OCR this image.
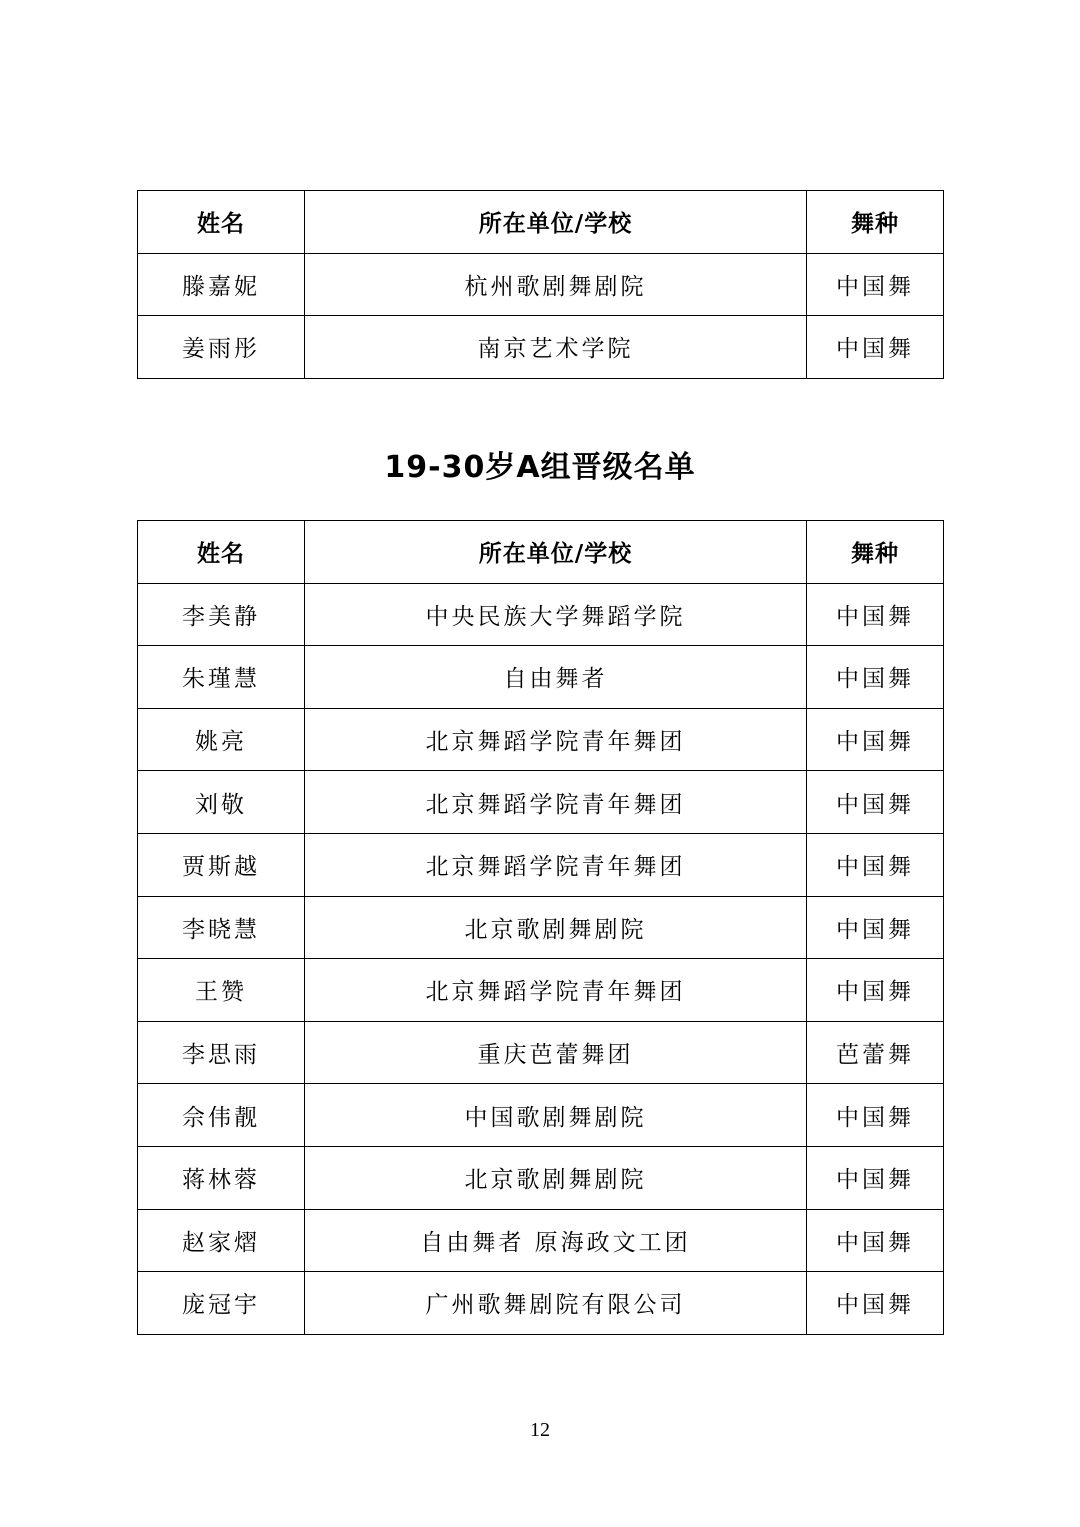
姓名	所在单位/学校	舞种
滕嘉妮	杭州歌剧舞剧院	中国舞
姜雨彤	南京艺术学院	中国舞
19-30岁A组晋级名单
姓名	所在单位/学校	舞种
李美静	中央民族大学舞蹈学院	中国舞
朱瑾慧	自由舞者	中国舞
姚亮	北京舞蹈学院青年舞团	中国舞
刘敬	北京舞蹈学院青年舞团	中国舞
贾斯越	北京舞蹈学院青年舞团	中国舞
李晓慧	北京歌剧舞剧院	中国舞
王赞	北京舞蹈学院青年舞团	中国舞
李思雨	重庆芭蕾舞团	芭蕾舞
佘伟靓	中国歌剧舞剧院	中国舞
蒋林蓉	北京歌剧舞剧院	中国舞
赵家熠	自由舞者 原海政文工团	中国舞
庞冠宇	广州歌舞剧院有限公司	中国舞
12
